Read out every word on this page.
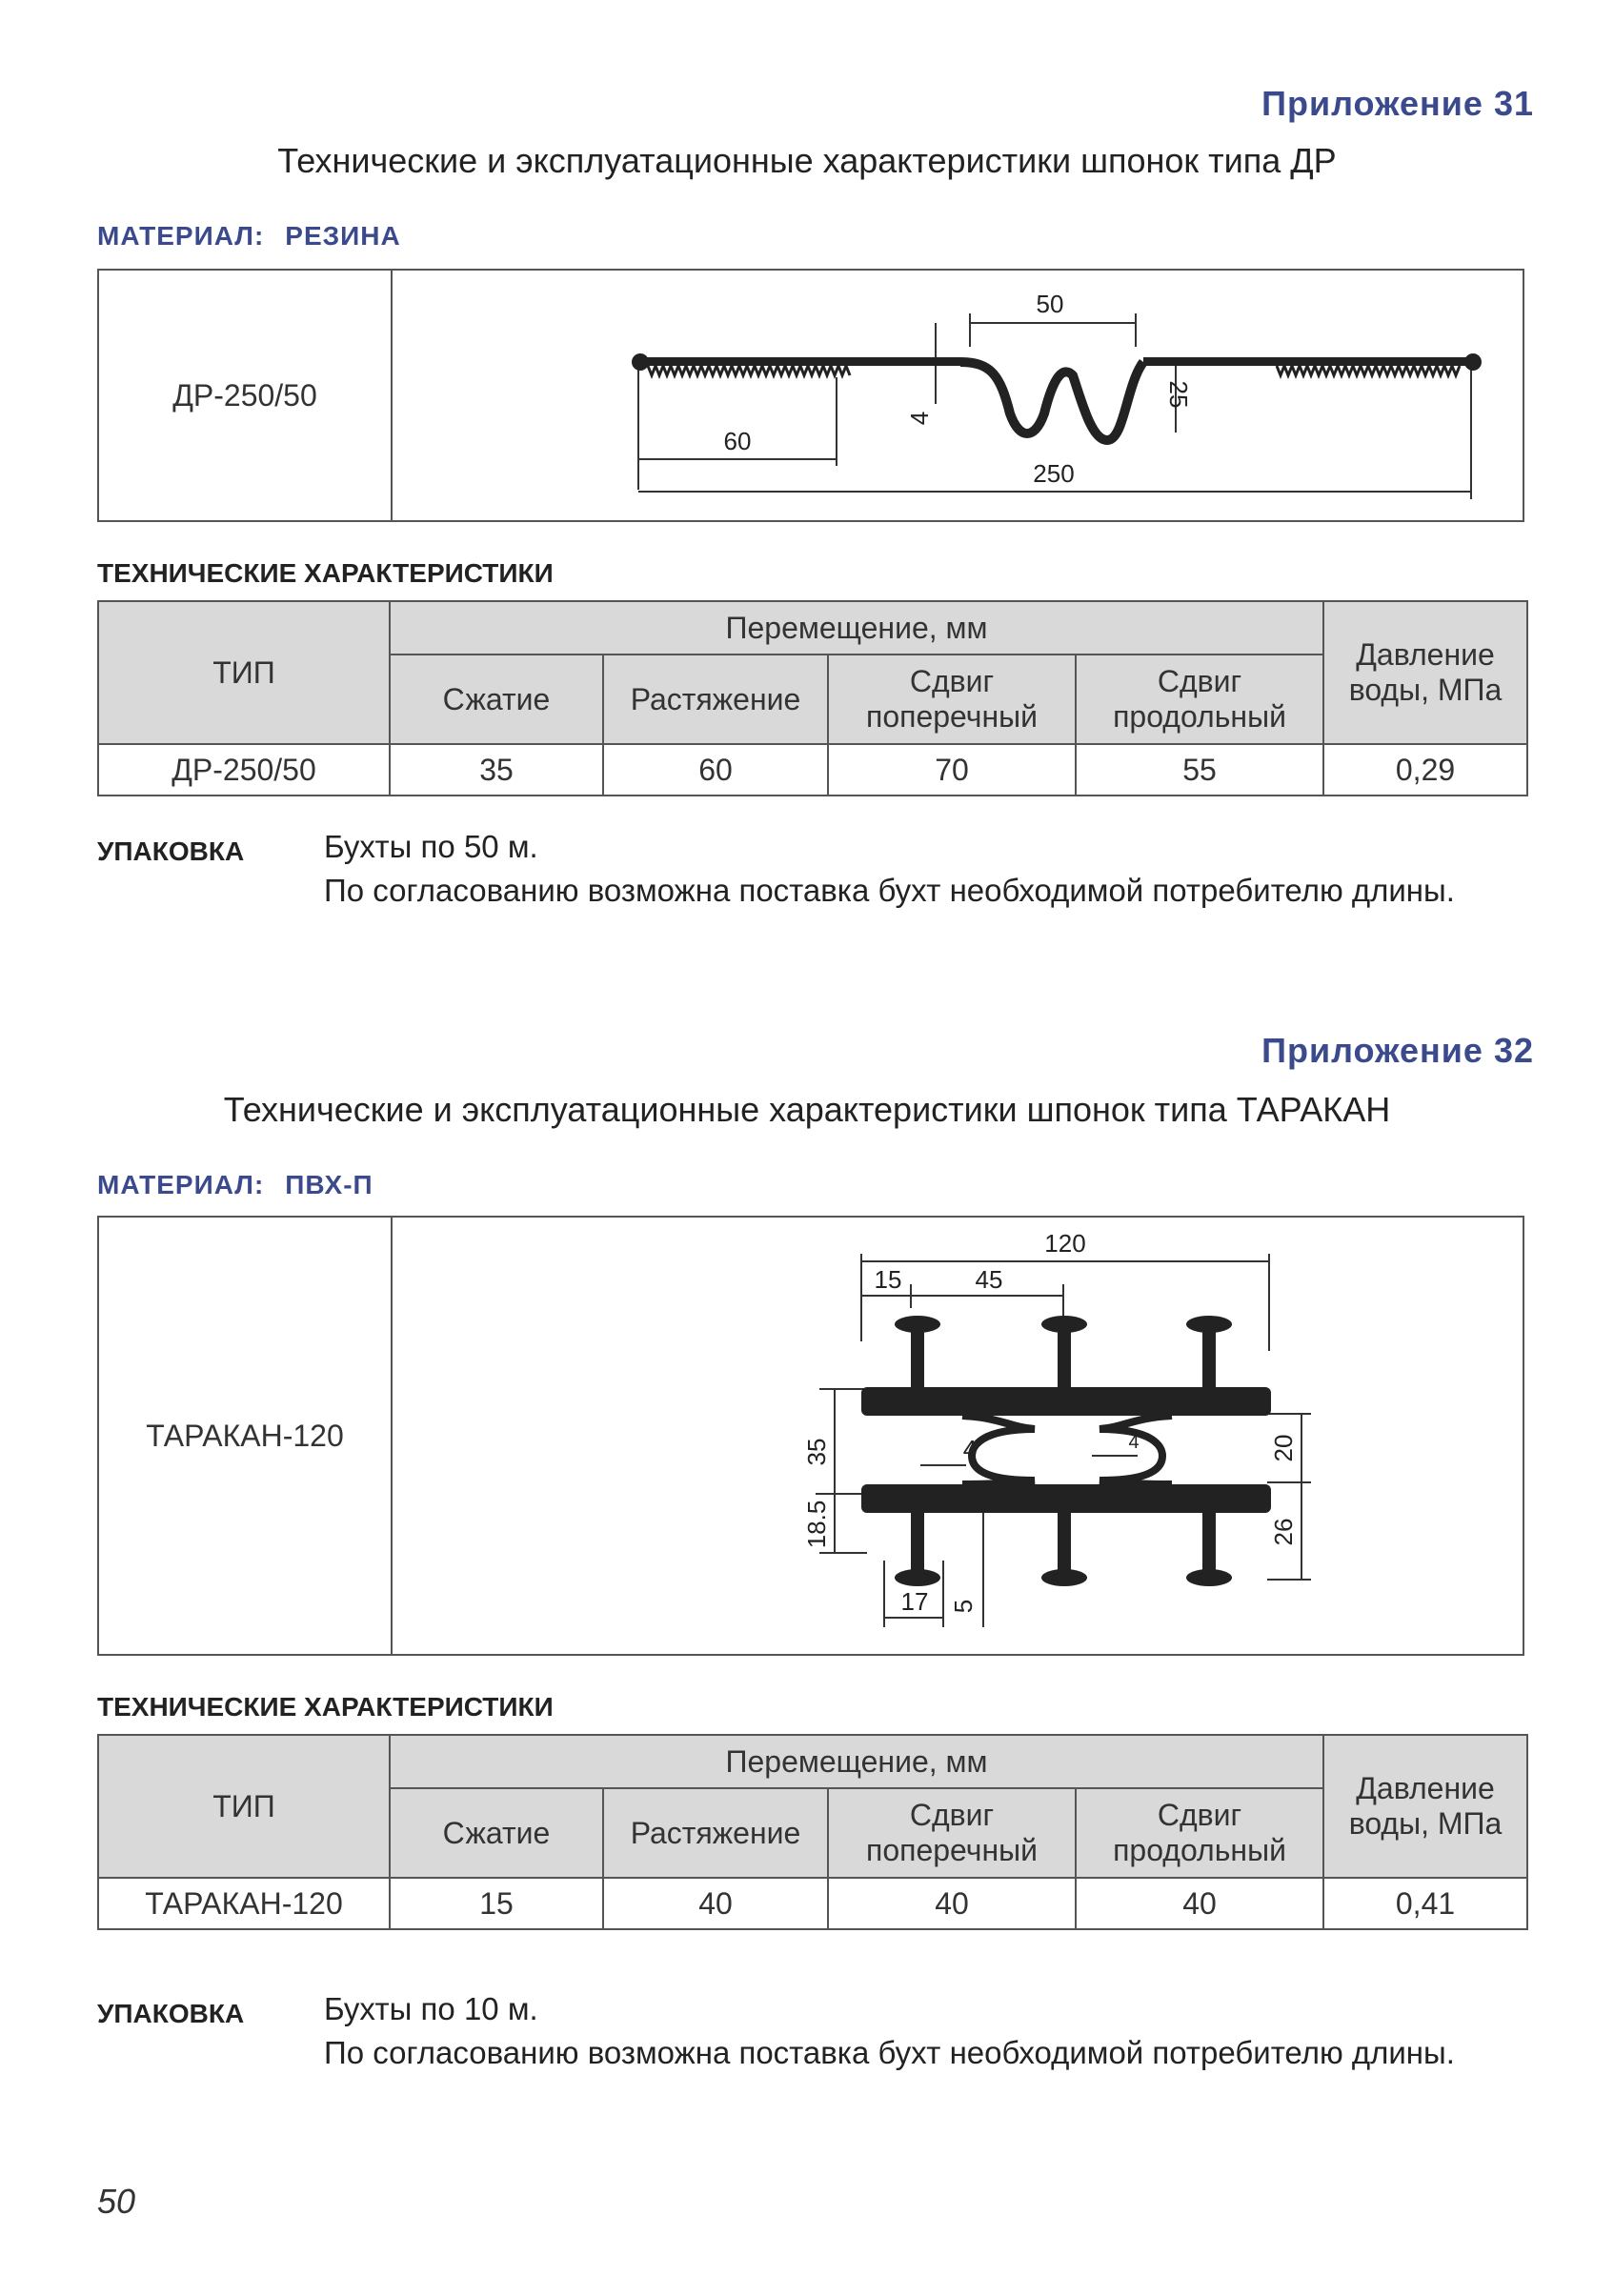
Приложение 31
Технические и эксплуатационные характеристики шпонок типа ДР
МАТЕРИАЛ: РЕЗИНА
ДР-250/50
50
4
25
60
250
ТЕХНИЧЕСКИЕ ХАРАКТЕРИСТИКИ
ТИП	Перемещение, мм				Давление воды, МПа
	Сжатие	Растяжение	Сдвиг поперечный	Сдвиг продольный	
ДР-250/50	35	60	70	55	0,29
УПАКОВКА	Бухты по 50 м.
По согласованию возможна поставка бухт необходимой потребителю длины.
Приложение 32
Технические и эксплуатационные характеристики шпонок типа ТАРАКАН
МАТЕРИАЛ: ПВХ-П
ТАРАКАН-120
120
15	45
35	4	4	20
18.5	26
17 5
ТЕХНИЧЕСКИЕ ХАРАКТЕРИСТИКИ
ТИП	Перемещение, мм				Давление воды, МПа
	Сжатие	Растяжение	Сдвиг поперечный	Сдвиг продольный	
ТАРАКАН-120	15	40	40	40	0,41
УПАКОВКА	Бухты по 10 м.
По согласованию возможна поставка бухт необходимой потребителю длины.
50
